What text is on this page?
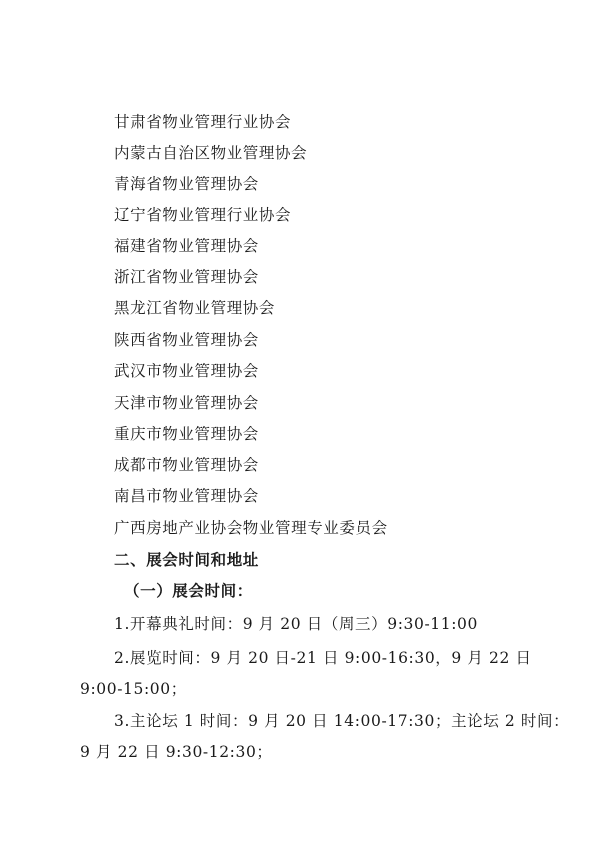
甘肃省物业管理行业协会
内蒙古自治区物业管理协会
青海省物业管理协会
辽宁省物业管理行业协会
福建省物业管理协会
浙江省物业管理协会
黑龙江省物业管理协会
陕西省物业管理协会
武汉市物业管理协会
天津市物业管理协会
重庆市物业管理协会
成都市物业管理协会
南昌市物业管理协会
广西房地产业协会物业管理专业委员会
二、展会时间和地址
（一）展会时间：
1.开幕典礼时间：9 月 20 日（周三）9:30-11:00
2.展览时间：9 月 20 日-21 日 9:00-16:30，9 月 22 日
9:00-15:00；
3.主论坛 1 时间：9 月 20 日 14:00-17:30；主论坛 2 时间：
9 月 22 日 9:30-12:30；
